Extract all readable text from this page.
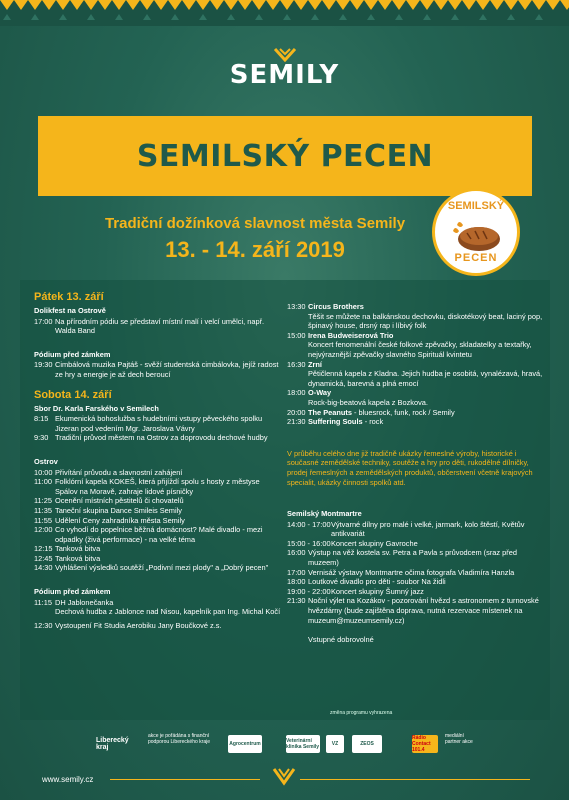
SEMILY
SEMILSKÝ PECEN
Tradiční dožínková slavnost města Semily
13. - 14. září 2019
SEMILSKÝ
PECEN
Pátek 13. září
Dolikfest na Ostrově
17:00 Na přírodním pódiu se představí místní malí i velcí umělci, např. Walda Band
Pódium před zámkem
19:30 Cimbálová muzika Pajtáš - svěží studentská cimbálovka, jejíž radost ze hry a energie je až dech beroucí
Sobota 14. září
Sbor Dr. Karla Farského v Semilech
8:15 Ekumenická bohoslužba s hudebními vstupy pěveckého spolku Jizeran pod vedením Mgr. Jaroslava Vávry
9:30 Tradiční průvod městem na Ostrov za doprovodu dechové hudby
Ostrov
10:00 Přivítání průvodu a slavnostní zahájení
11:00 Folklórní kapela KOKEŠ, která přijíždí spolu s hosty z městyse Spálov na Moravě, zahraje lidové písničky
11:25 Ocenění místních pěstitelů či chovatelů
11:35 Taneční skupina Dance Smileis Semily
11:55 Udělení Ceny zahradníka města Semily
12:00 Co vyhodí do popelnice běžná domácnost? Malé divadlo - mezi odpadky (živá performace) - na velké téma
12:15 Tanková bitva
12:45 Tanková bitva
14:30 Vyhlášení výsledků soutěží „Podivní mezi plody" a „Dobrý pecen"
Pódium před zámkem
11:15 DH Jablonečanka
Dechová hudba z Jablonce nad Nisou, kapelník pan Ing. Michal Kočí
12:30 Vystoupení Fit Studia Aerobiku Jany Boučkové z.s.
13:30 Circus Brothers
Těšit se můžete na balkánskou dechovku, diskotékový beat, laciný pop, špinavý house, drsný rap i líbivý folk
15:00 Irena Budweiserová Trio
Koncert fenomenální české folkové zpěvačky, skladatelky a textařky, nejvýraznější zpěvačky slavného Spirituál kvintetu
16:30 Zrní
Pětičlenná kapela z Kladna. Jejich hudba je osobitá, vynalézavá, hravá, dynamická, barevná a plná emocí
18:00 O-Way
Rock-big-beatová kapela z Bozkova.
20:00 The Peanuts - bluesrock, funk, rock / Semily
21:30 Suffering Souls - rock
V průběhu celého dne již tradičně ukázky řemeslné výroby, historické i současné zemědělské techniky, soutěže a hry pro děti, rukodělné dílničky, prodej řemeslných a zemědělských produktů, občerstvení včetně krajových specialit, ukázky činnosti spolků atd.
Semilský Montmartre
14:00 - 17:00 Výtvarné dílny pro malé i velké, jarmark, kolo štěstí, Květův antikvariát
15:00 - 16:00 Koncert skupiny Gavroche
16:00 Výstup na věž kostela sv. Petra a Pavla s průvodcem (sraz před muzeem)
17:00 Vernisáž výstavy Montmartre očima fotografa Vladimíra Hanzla
18:00 Loutkové divadlo pro děti - soubor Na židli
19:00 - 22:00 Koncert skupiny Šumný jazz
21:30 Noční výlet na Kozákov - pozorování hvězd s astronomem z turnovské hvězdárny (bude zajištěna doprava, nutná rezervace místenek na muzeum@muzeumsemily.cz)
Vstupné dobrovolné
změna programu vyhrazena
Liberecký kraj
akce je pořádána s finanční podporou Libereckého kraje	Agrocentrum	Veterinární klinika Semily	VZ	ZEOS
Rádio Contact 101.4
mediální partner akce
www.semily.cz
